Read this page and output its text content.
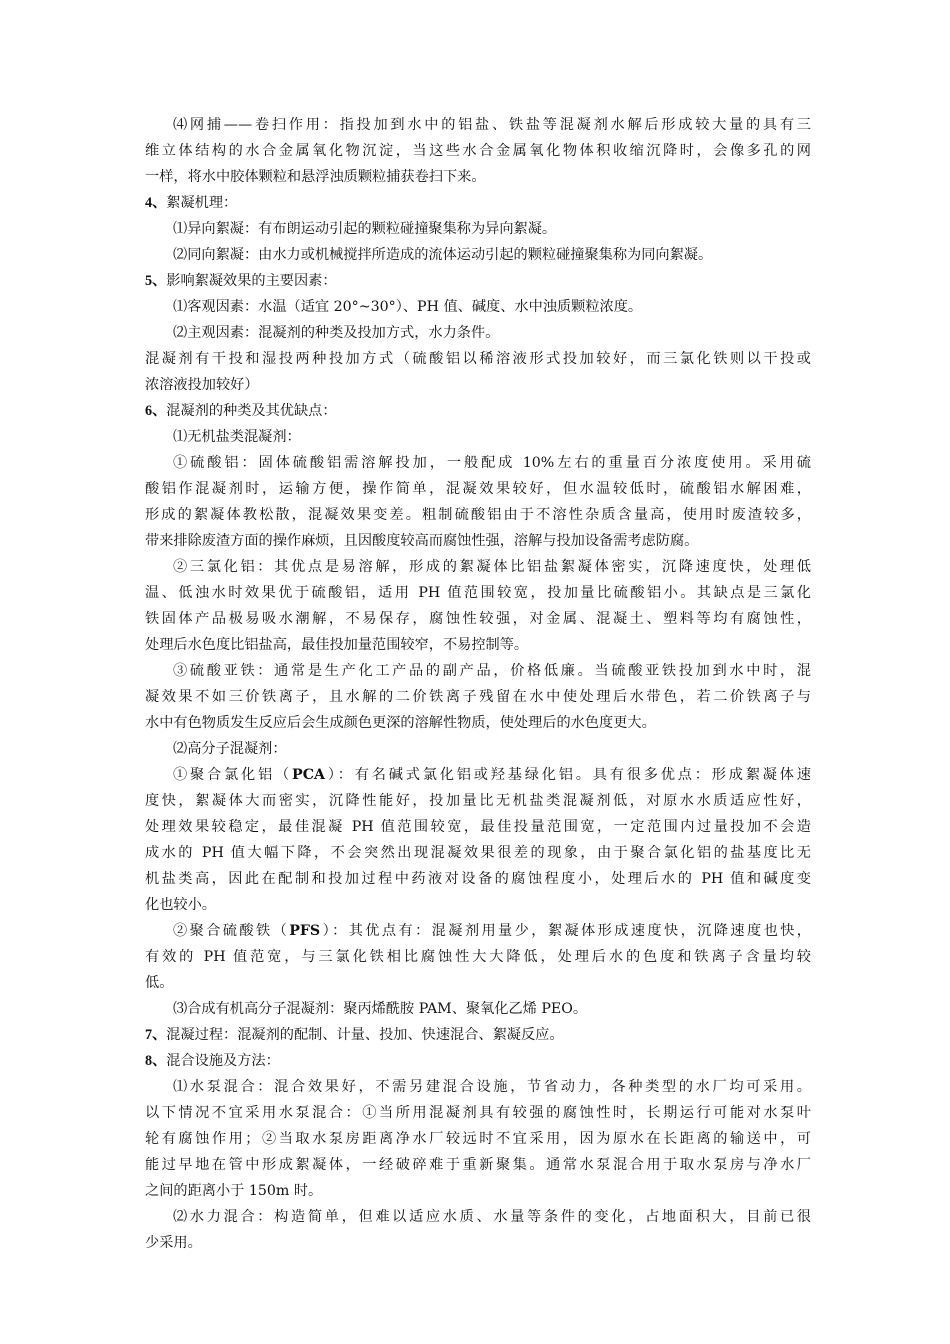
⑷网捕——卷扫作用：指投加到水中的铝盐、铁盐等混凝剂水解后形成较大量的具有三
维立体结构的水合金属氧化物沉淀，当这些水合金属氧化物体积收缩沉降时，会像多孔的网
一样，将水中胶体颗粒和悬浮浊质颗粒捕获卷扫下来。
4、絮凝机理：
⑴异向絮凝：有布朗运动引起的颗粒碰撞聚集称为异向絮凝。
⑵同向絮凝：由水力或机械搅拌所造成的流体运动引起的颗粒碰撞聚集称为同向絮凝。
5、影响絮凝效果的主要因素：
⑴客观因素：水温（适宜 20°~30°）、PH 值、碱度、水中浊质颗粒浓度。
⑵主观因素：混凝剂的种类及投加方式，水力条件。
混凝剂有干投和湿投两种投加方式（硫酸铝以稀溶液形式投加较好，而三氯化铁则以干投或
浓溶液投加较好）
6、混凝剂的种类及其优缺点：
⑴无机盐类混凝剂：
①硫酸铝：固体硫酸铝需溶解投加，一般配成 10%左右的重量百分浓度使用。采用硫
酸铝作混凝剂时，运输方便，操作简单，混凝效果较好，但水温较低时，硫酸铝水解困难，
形成的絮凝体教松散，混凝效果变差。粗制硫酸铝由于不溶性杂质含量高，使用时废渣较多，
带来排除废渣方面的操作麻烦，且因酸度较高而腐蚀性强，溶解与投加设备需考虑防腐。
②三氯化铝：其优点是易溶解，形成的絮凝体比铝盐絮凝体密实，沉降速度快，处理低
温、低浊水时效果优于硫酸铝，适用 PH 值范围较宽，投加量比硫酸铝小。其缺点是三氯化
铁固体产品极易吸水潮解，不易保存，腐蚀性较强，对金属、混凝土、塑料等均有腐蚀性，
处理后水色度比铝盐高，最佳投加量范围较窄，不易控制等。
③硫酸亚铁：通常是生产化工产品的副产品，价格低廉。当硫酸亚铁投加到水中时，混
凝效果不如三价铁离子，且水解的二价铁离子残留在水中使处理后水带色，若二价铁离子与
水中有色物质发生反应后会生成颜色更深的溶解性物质，使处理后的水色度更大。
⑵高分子混凝剂：
①聚合氯化铝（PCA）：有名碱式氯化铝或羟基绿化铝。具有很多优点：形成絮凝体速
度快，絮凝体大而密实，沉降性能好，投加量比无机盐类混凝剂低，对原水水质适应性好，
处理效果较稳定，最佳混凝 PH 值范围较宽，最佳投量范围宽，一定范围内过量投加不会造
成水的 PH 值大幅下降，不会突然出现混凝效果很差的现象，由于聚合氯化铝的盐基度比无
机盐类高，因此在配制和投加过程中药液对设备的腐蚀程度小，处理后水的 PH 值和碱度变
化也较小。
②聚合硫酸铁（PFS）：其优点有：混凝剂用量少，絮凝体形成速度快，沉降速度也快，
有效的 PH 值范宽，与三氯化铁相比腐蚀性大大降低，处理后水的色度和铁离子含量均较
低。
⑶合成有机高分子混凝剂：聚丙烯酰胺 PAM、聚氧化乙烯 PEO。
7、混凝过程：混凝剂的配制、计量、投加、快速混合、絮凝反应。
8、混合设施及方法：
⑴水泵混合：混合效果好，不需另建混合设施，节省动力，各种类型的水厂均可采用。
以下情况不宜采用水泵混合：①当所用混凝剂具有较强的腐蚀性时，长期运行可能对水泵叶
轮有腐蚀作用；②当取水泵房距离净水厂较远时不宜采用，因为原水在长距离的输送中，可
能过早地在管中形成絮凝体，一经破碎难于重新聚集。通常水泵混合用于取水泵房与净水厂
之间的距离小于 150m 时。
⑵水力混合：构造简单，但难以适应水质、水量等条件的变化，占地面积大，目前已很
少采用。
